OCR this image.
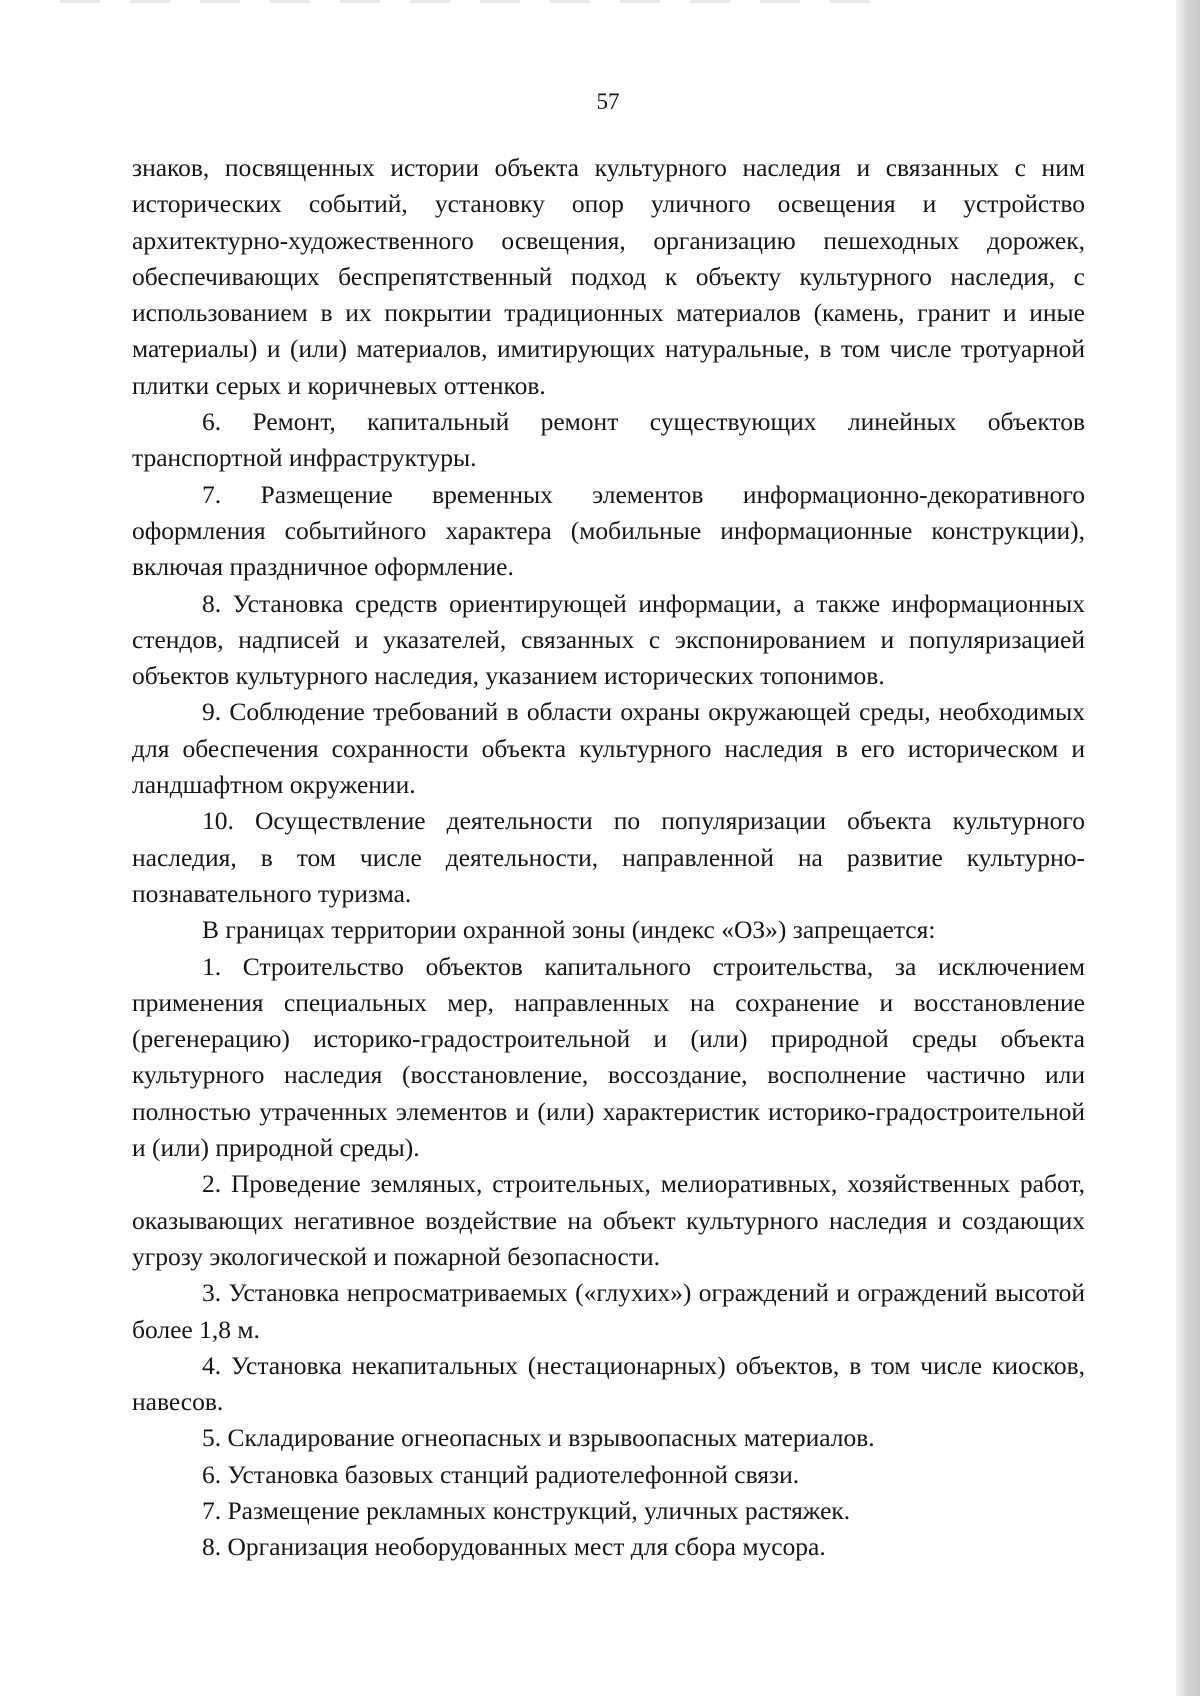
57

знаков, посвященных истории объекта культурного наследия и связанных с ним исторических событий, установку опор уличного освещения и устройство архитектурно-художественного освещения, организацию пешеходных дорожек, обеспечивающих беспрепятственный подход к объекту культурного наследия, с использованием в их покрытии традиционных материалов (камень, гранит и иные материалы) и (или) материалов, имитирующих натуральные, в том числе тротуарной плитки серых и коричневых оттенков.

6. Ремонт, капитальный ремонт существующих линейных объектов транспортной инфраструктуры.

7. Размещение временных элементов информационно-декоративного оформления событийного характера (мобильные информационные конструкции), включая праздничное оформление.

8. Установка средств ориентирующей информации, а также информационных стендов, надписей и указателей, связанных с экспонированием и популяризацией объектов культурного наследия, указанием исторических топонимов.

9. Соблюдение требований в области охраны окружающей среды, необходимых для обеспечения сохранности объекта культурного наследия в его историческом и ландшафтном окружении.

10. Осуществление деятельности по популяризации объекта культурного наследия, в том числе деятельности, направленной на развитие культурно-познавательного туризма.

В границах территории охранной зоны (индекс «ОЗ») запрещается:

1. Строительство объектов капитального строительства, за исключением применения специальных мер, направленных на сохранение и восстановление (регенерацию) историко-градостроительной и (или) природной среды объекта культурного наследия (восстановление, воссоздание, восполнение частично или полностью утраченных элементов и (или) характеристик историко-градостроительной и (или) природной среды).

2. Проведение земляных, строительных, мелиоративных, хозяйственных работ, оказывающих негативное воздействие на объект культурного наследия и создающих угрозу экологической и пожарной безопасности.

3. Установка непросматриваемых («глухих») ограждений и ограждений высотой более 1,8 м.

4. Установка некапитальных (нестационарных) объектов, в том числе киосков, навесов.

5. Складирование огнеопасных и взрывоопасных материалов.

6. Установка базовых станций радиотелефонной связи.

7. Размещение рекламных конструкций, уличных растяжек.

8. Организация необорудованных мест для сбора мусора.
